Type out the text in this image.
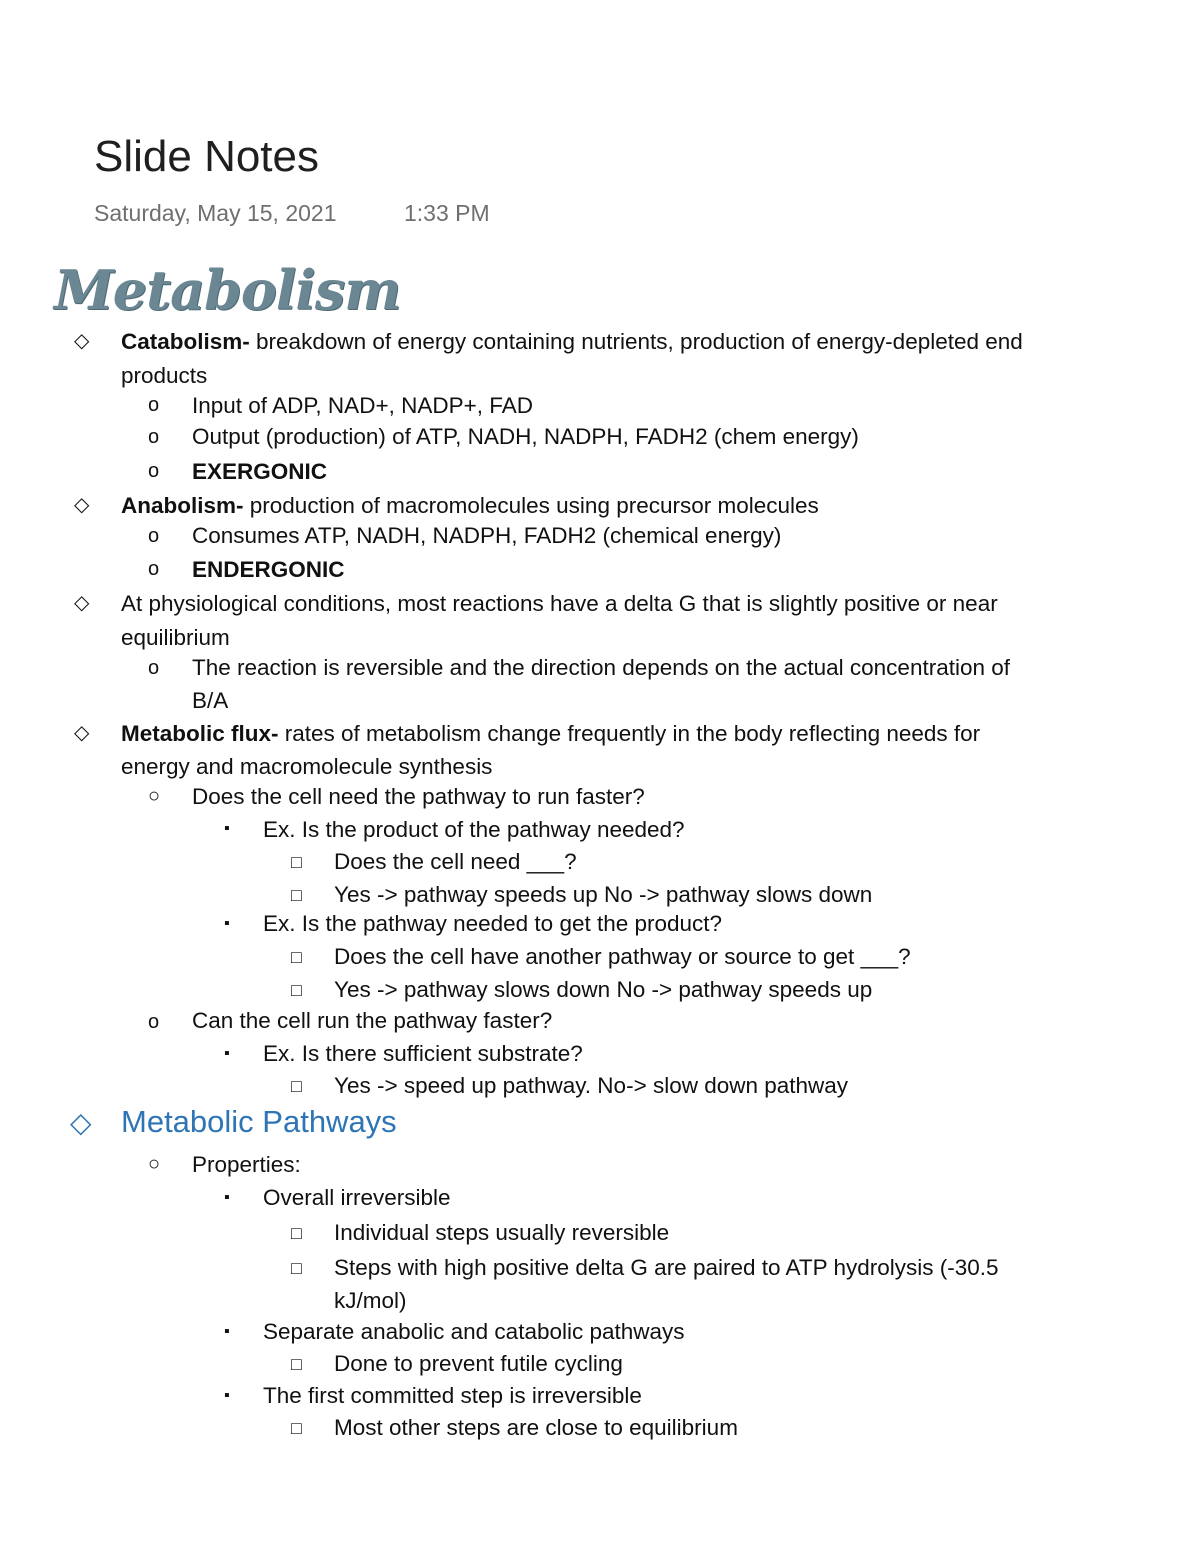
Slide Notes
Saturday, May 15, 2021	1:33 PM
Metabolism
◇ Catabolism- breakdown of energy containing nutrients, production of energy-depleted end
products
o Input of ADP, NAD+, NADP+, FAD
o Output (production) of ATP, NADH, NADPH, FADH2 (chem energy)
o EXERGONIC
◇ Anabolism- production of macromolecules using precursor molecules
o Consumes ATP, NADH, NADPH, FADH2 (chemical energy)
o ENDERGONIC
◇ At physiological conditions, most reactions have a delta G that is slightly positive or near
equilibrium
o The reaction is reversible and the direction depends on the actual concentration of
B/A
◇ Metabolic flux- rates of metabolism change frequently in the body reflecting needs for
energy and macromolecule synthesis
○ Does the cell need the pathway to run faster?
▪ Ex. Is the product of the pathway needed?
□ Does the cell need ___?
□ Yes -> pathway speeds up No -> pathway slows down
▪ Ex. Is the pathway needed to get the product?
□ Does the cell have another pathway or source to get ___?
□ Yes -> pathway slows down No -> pathway speeds up
o Can the cell run the pathway faster?
▪ Ex. Is there sufficient substrate?
□ Yes -> speed up pathway. No-> slow down pathway
◇ Metabolic Pathways
○ Properties:
▪ Overall irreversible
□ Individual steps usually reversible
□ Steps with high positive delta G are paired to ATP hydrolysis (-30.5
kJ/mol)
▪ Separate anabolic and catabolic pathways
□ Done to prevent futile cycling
▪ The first committed step is irreversible
□ Most other steps are close to equilibrium
